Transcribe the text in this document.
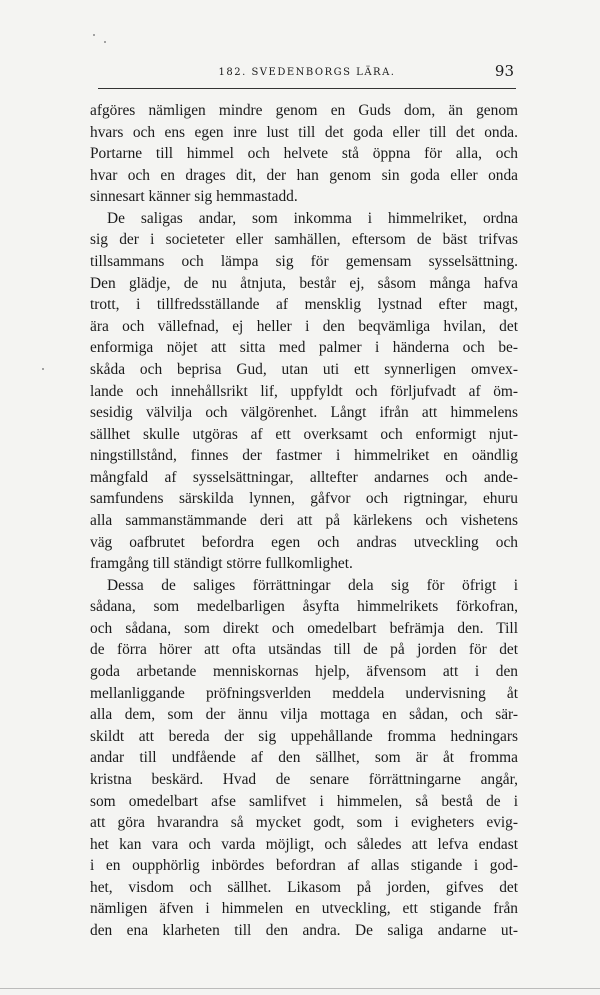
182. SVEDENBORGS LÄRA.	93
afgöres nämligen mindre genom en Guds dom, än genom
hvars och ens egen inre lust till det goda eller till det onda.
Portarne till himmel och helvete stå öppna för alla, och
hvar och en drages dit, der han genom sin goda eller onda
sinnesart känner sig hemmastadd.
De saligas andar, som inkomma i himmelriket, ordna
sig der i societeter eller samhällen, eftersom de bäst trifvas
tillsammans och lämpa sig för gemensam sysselsättning.
Den glädje, de nu åtnjuta, består ej, såsom många hafva
trott, i tillfredsställande af mensklig lystnad efter magt,
ära och vällefnad, ej heller i den beqvämliga hvilan, det
enformiga nöjet att sitta med palmer i händerna och be-
skåda och beprisa Gud, utan uti ett synnerligen omvex-
lande och innehållsrikt lif, uppfyldt och förljufvadt af öm-
sesidig välvilja och välgörenhet. Långt ifrån att himmelens
sällhet skulle utgöras af ett overksamt och enformigt njut-
ningstillstånd, finnes der fastmer i himmelriket en oändlig
mångfald af sysselsättningar, alltefter andarnes och ande-
samfundens särskilda lynnen, gåfvor och rigtningar, ehuru
alla sammanstämmande deri att på kärlekens och vishetens
väg oafbrutet befordra egen och andras utveckling och
framgång till ständigt större fullkomlighet.
Dessa de saliges förrättningar dela sig för öfrigt i
sådana, som medelbarligen åsyfta himmelrikets förkofran,
och sådana, som direkt och omedelbart befrämja den. Till
de förra hörer att ofta utsändas till de på jorden för det
goda arbetande menniskornas hjelp, äfvensom att i den
mellanliggande pröfningsverlden meddela undervisning åt
alla dem, som der ännu vilja mottaga en sådan, och sär-
skildt att bereda der sig uppehållande fromma hedningars
andar till undfående af den sällhet, som är åt fromma
kristna beskärd. Hvad de senare förrättningarne angår,
som omedelbart afse samlifvet i himmelen, så bestå de i
att göra hvarandra så mycket godt, som i evigheters evig-
het kan vara och varda möjligt, och således att lefva endast
i en oupphörlig inbördes befordran af allas stigande i god-
het, visdom och sällhet. Likasom på jorden, gifves det
nämligen äfven i himmelen en utveckling, ett stigande från
den ena klarheten till den andra. De saliga andarne ut-
